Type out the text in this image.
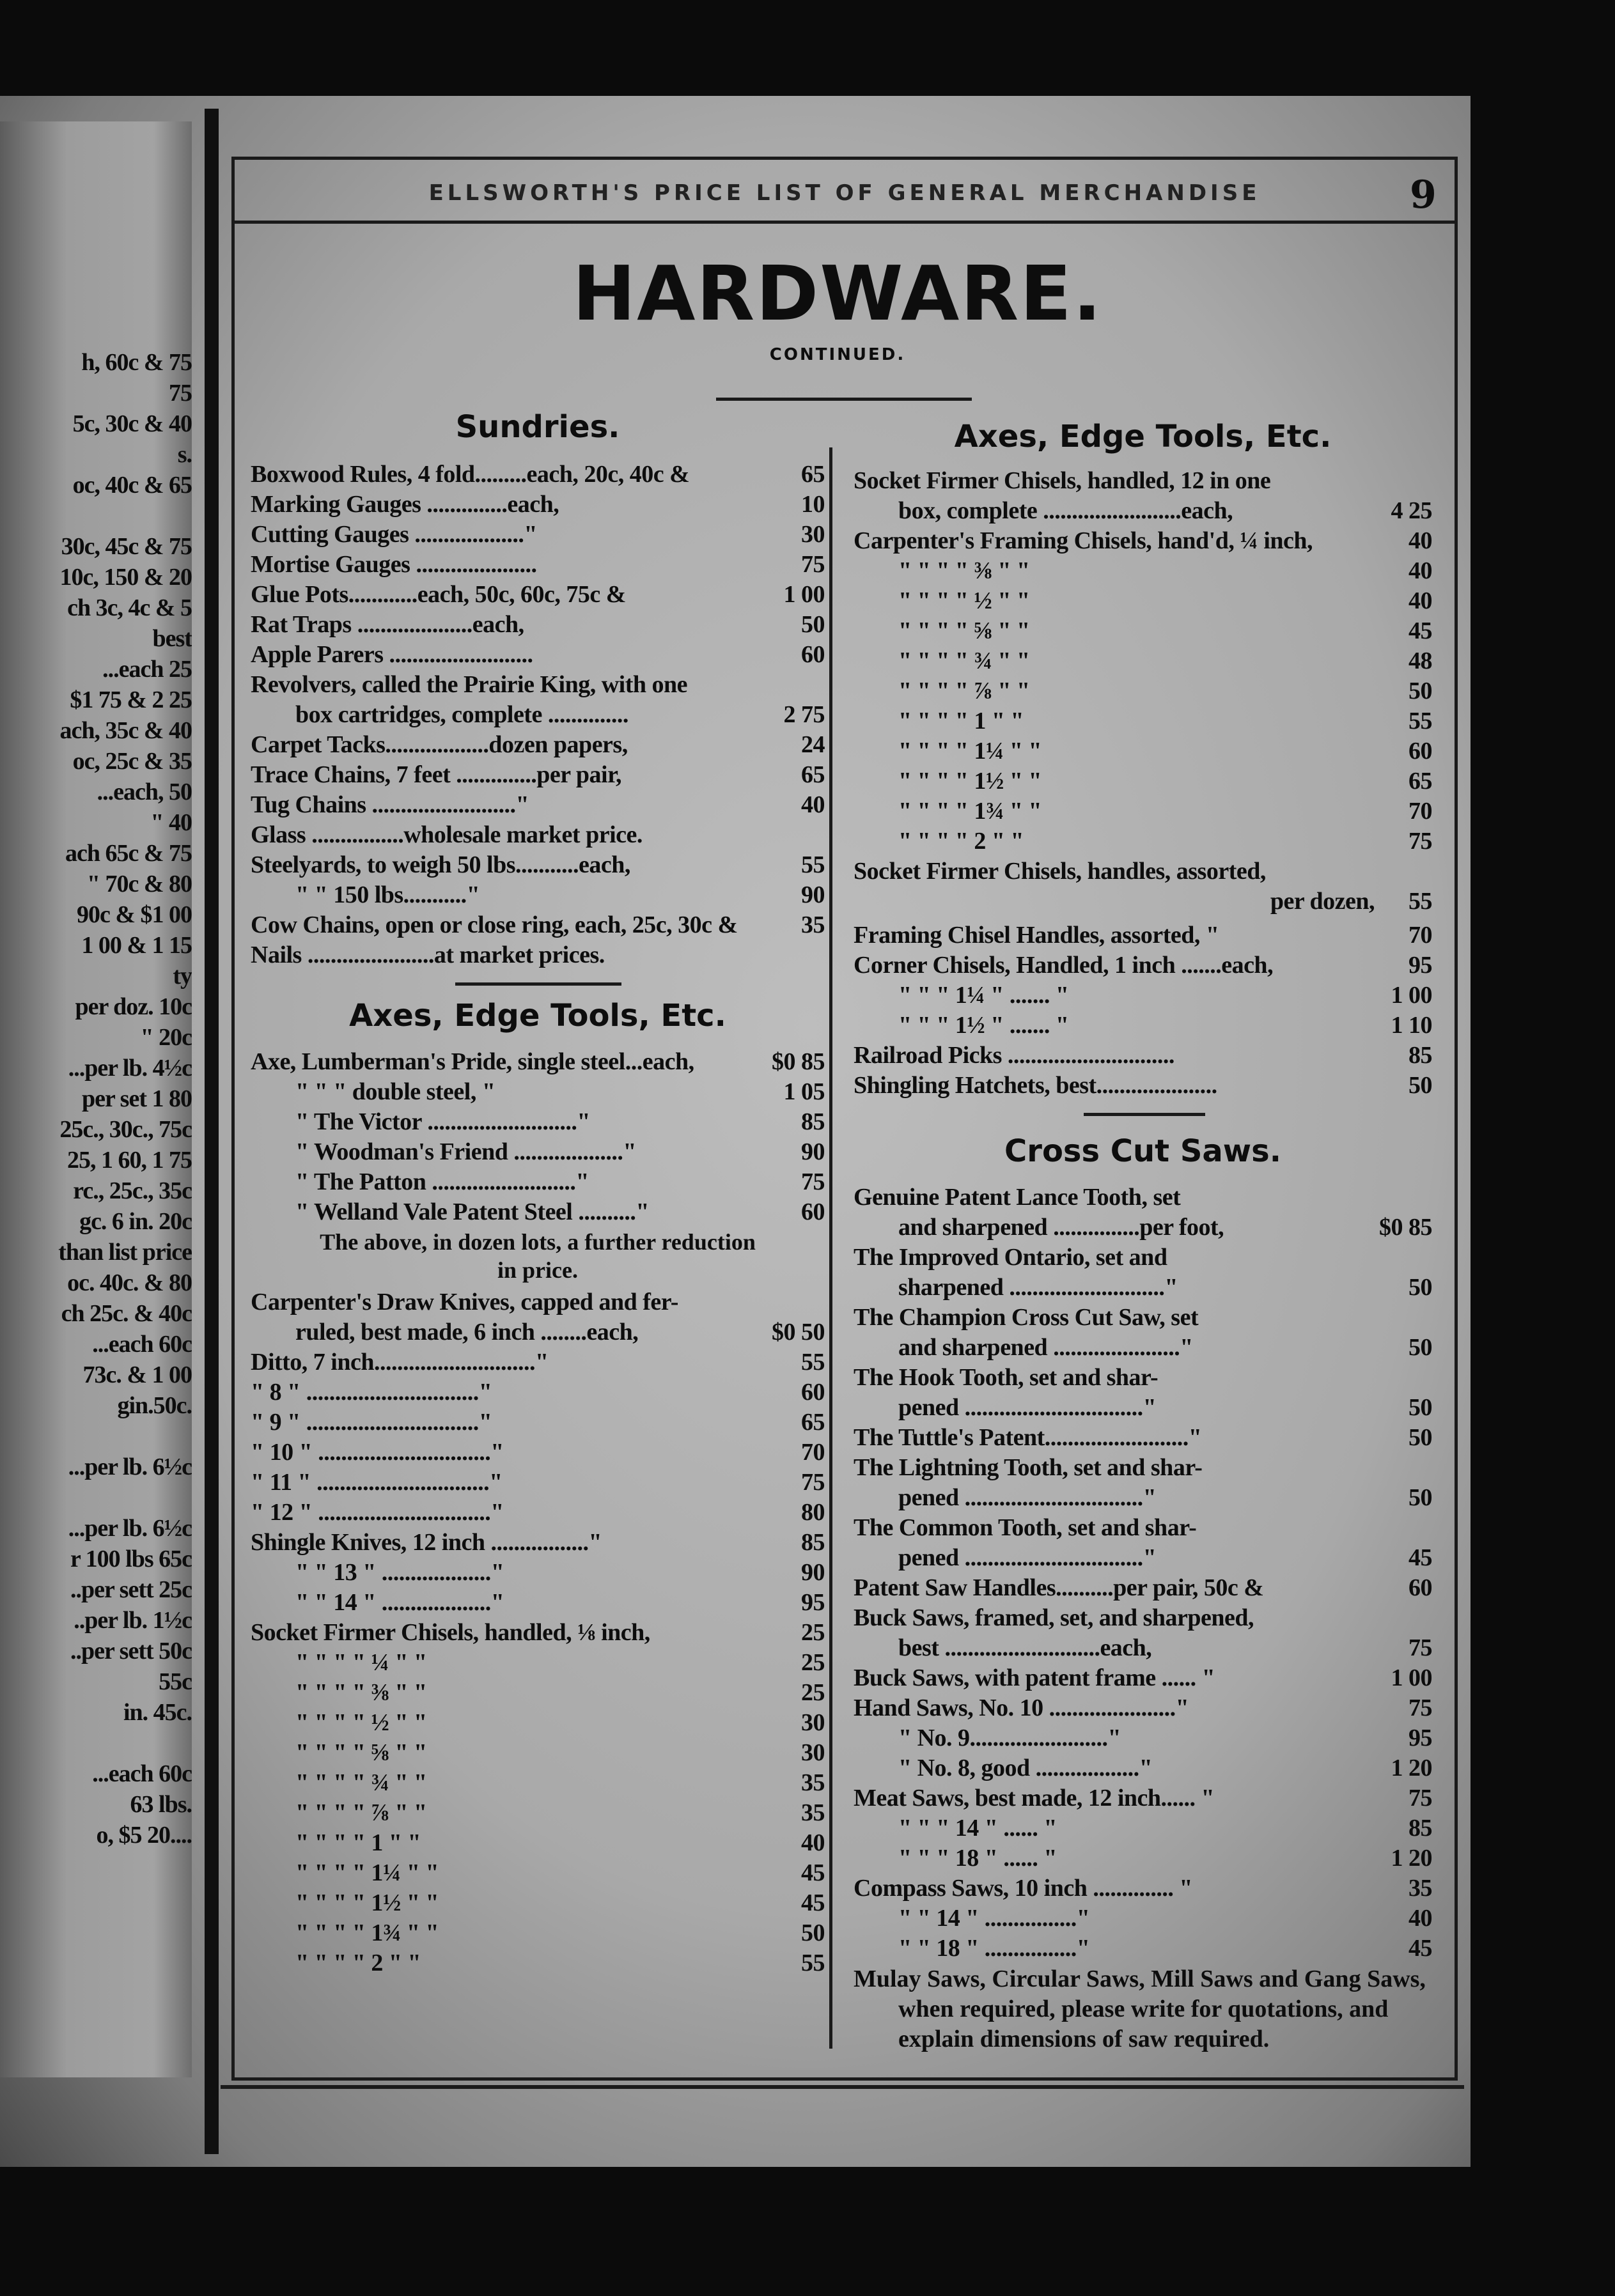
h, 60c & 75
75
5c, 30c & 40
s.
oc, 40c & 65
30c, 45c & 75
10c, 150 & 20
ch 3c, 4c & 5
best
...each 25
$1 75 & 2 25
ach, 35c & 40
oc, 25c & 35
...each, 50
" 40
ach 65c & 75
" 70c & 80
90c & $1 00
1 00 & 1 15
ty
per doz. 10c
" 20c
...per lb. 4½c
per set 1 80
25c., 30c., 75c
25, 1 60, 1 75
rc., 25c., 35c
gc. 6 in. 20c
than list price
oc. 40c. & 80
ch 25c. & 40c
...each 60c
73c. & 1 00
gin.50c.
...per lb. 6½c
...per lb. 6½c
r 100 lbs 65c
..per sett 25c
..per lb. 1½c
..per sett 50c
55c
in. 45c.
...each 60c
63 lbs.
o, $5 20....
ELLSWORTH'S PRICE LIST OF GENERAL MERCHANDISE	9
HARDWARE.
CONTINUED.
Sundries.
Boxwood Rules, 4 fold.........each, 20c, 40c &	65
Marking Gauges ..............each,	10
Cutting Gauges ..................."	30
Mortise Gauges .....................	75
Glue Pots............each, 50c, 60c, 75c &	1 00
Rat Traps ....................each,	50
Apple Parers .........................	60
Revolvers, called the Prairie King, with one
box cartridges, complete ..............	2 75
Carpet Tacks..................dozen papers,	24
Trace Chains, 7 feet ..............per pair,	65
Tug Chains ........................."	40
Glass ................wholesale market price.
Steelyards, to weigh 50 lbs...........each,	55
" " 150 lbs..........."	90
Cow Chains, open or close ring, each, 25c, 30c &	35
Nails ......................at market prices.
Axes, Edge Tools, Etc.
Axe, Lumberman's Pride, single steel...each,	$0 85
" " " double steel, "	1 05
" The Victor .........................."	85
" Woodman's Friend ..................."	90
" The Patton ........................."	75
" Welland Vale Patent Steel .........."	60
The above, in dozen lots, a further reduction in price.
Carpenter's Draw Knives, capped and fer-
ruled, best made, 6 inch ........each,	$0 50
Ditto, 7 inch............................"	55
" 8 " .............................."	60
" 9 " .............................."	65
" 10 " .............................."	70
" 11 " .............................."	75
" 12 " .............................."	80
Shingle Knives, 12 inch ................."	85
" " 13 " ..................."	90
" " 14 " ..................."	95
Socket Firmer Chisels, handled, ⅛ inch,	25
" " " " ¼ " "	25
" " " " ⅜ " "	25
" " " " ½ " "	30
" " " " ⅝ " "	30
" " " " ¾ " "	35
" " " " ⅞ " "	35
" " " " 1 " "	40
" " " " 1¼ " "	45
" " " " 1½ " "	45
" " " " 1¾ " "	50
" " " " 2 " "	55
Axes, Edge Tools, Etc.
Socket Firmer Chisels, handled, 12 in one
box, complete ........................each,	4 25
Carpenter's Framing Chisels, hand'd, ¼ inch,	40
" " " " ⅜ " "	40
" " " " ½ " "	40
" " " " ⅝ " "	45
" " " " ¾ " "	48
" " " " ⅞ " "	50
" " " " 1 " "	55
" " " " 1¼ " "	60
" " " " 1½ " "	65
" " " " 1¾ " "	70
" " " " 2 " "	75
Socket Firmer Chisels, handles, assorted,
per dozen,	55
Framing Chisel Handles, assorted, "	70
Corner Chisels, Handled, 1 inch .......each,	95
" " " 1¼ " ....... "	1 00
" " " 1½ " ....... "	1 10
Railroad Picks .............................	85
Shingling Hatchets, best.....................	50
Cross Cut Saws.
Genuine Patent Lance Tooth, set
and sharpened ...............per foot,	$0 85
The Improved Ontario, set and
sharpened ..........................."	50
The Champion Cross Cut Saw, set
and sharpened ......................"	50
The Hook Tooth, set and shar-
pened ..............................."	50
The Tuttle's Patent........................."	50
The Lightning Tooth, set and shar-
pened ..............................."	50
The Common Tooth, set and shar-
pened ..............................."	45
Patent Saw Handles..........per pair, 50c &	60
Buck Saws, framed, set, and sharpened,
best ...........................each,	75
Buck Saws, with patent frame ...... "	1 00
Hand Saws, No. 10 ......................"	75
" No. 9........................"	95
" No. 8, good .................."	1 20
Meat Saws, best made, 12 inch...... "	75
" " " 14 " ...... "	85
" " " 18 " ...... "	1 20
Compass Saws, 10 inch .............. "	35
" " 14 " ................"	40
" " 18 " ................"	45
Mulay Saws, Circular Saws, Mill Saws and Gang Saws, when required, please write for quotations, and explain dimensions of saw required.
